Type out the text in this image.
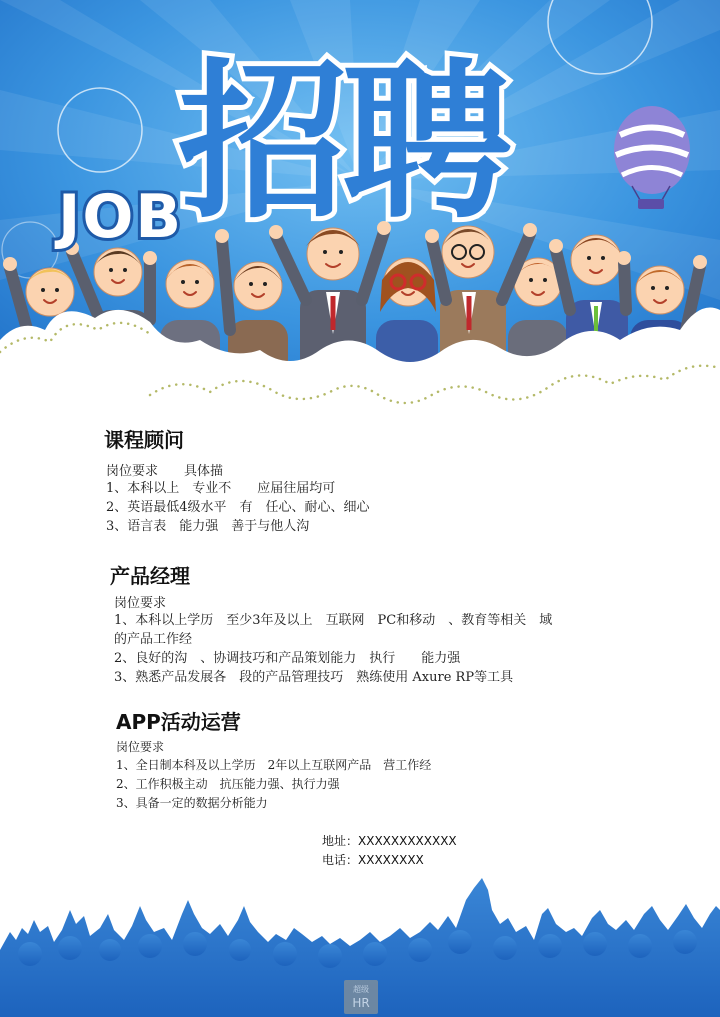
JOB
招聘
课程顾问
岗位要求 具体描
1、本科以上　专业不　　应届往届均可
2、英语最低4级水平　有　任心、耐心、细心
3、语言表　能力强　善于与他人沟
产品经理
岗位要求
1、本科以上学历　至少3年及以上　互联网　PC和移动　、教育等相关　域
的产品工作经
2、良好的沟　、协调技巧和产品策划能力　执行　　能力强
3、熟悉产品发展各　段的产品管理技巧　熟练使用 Axure RP等工具
APP活动运营
岗位要求
1、全日制本科及以上学历　2年以上互联网产品　营工作经
2、工作积极主动　抗压能力强、执行力强
3、具备一定的数据分析能力
地址：XXXXXXXXXXXX
电话：XXXXXXXX
超级
HR
